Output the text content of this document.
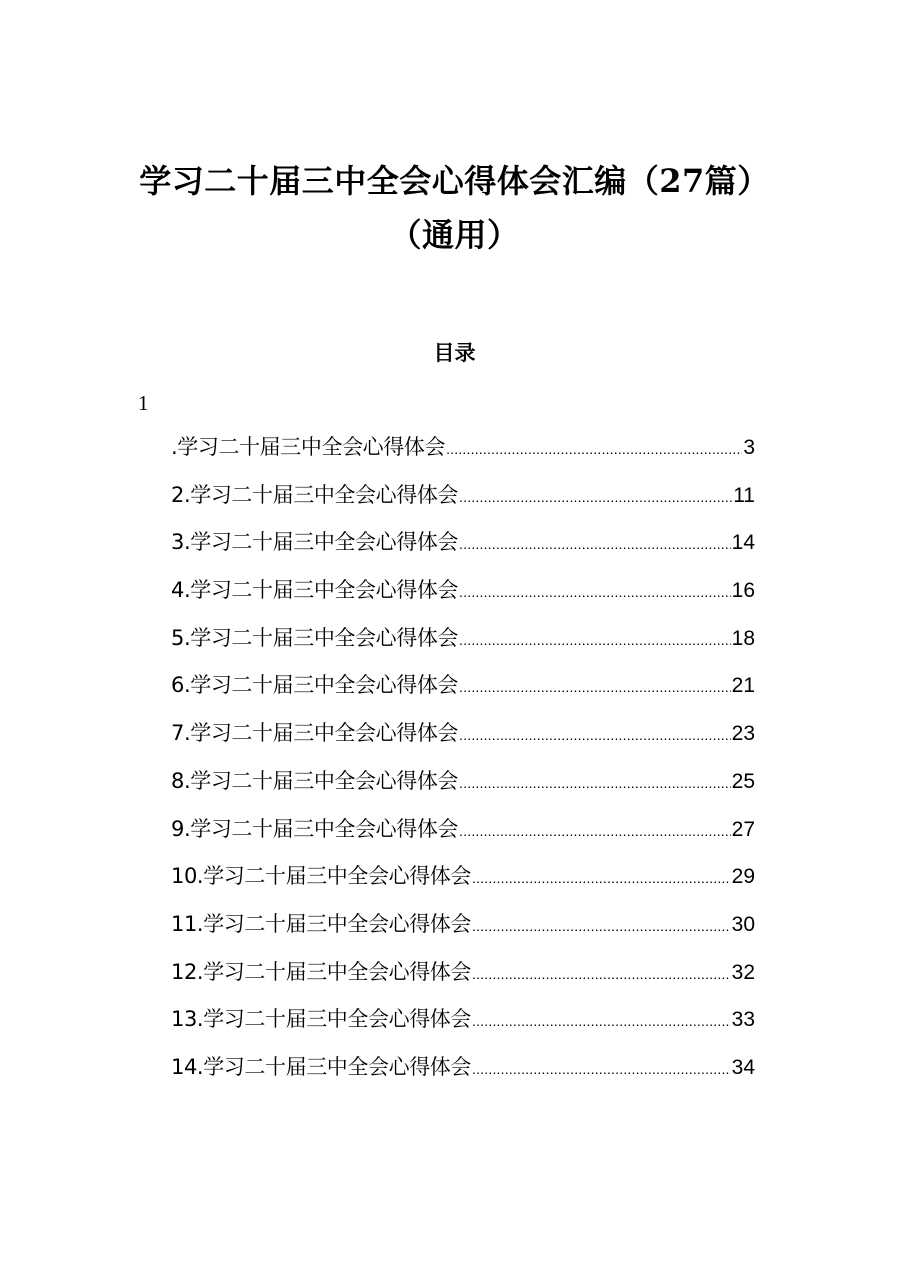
学习二十届三中全会心得体会汇编（27篇）
（通用）
目录
1
.学习二十届三中全会心得体会 .....	3
2.学习二十届三中全会心得体会 .....	11
3.学习二十届三中全会心得体会 .....	14
4.学习二十届三中全会心得体会 .....	16
5.学习二十届三中全会心得体会 .....	18
6.学习二十届三中全会心得体会 .....	21
7.学习二十届三中全会心得体会 .....	23
8.学习二十届三中全会心得体会 .....	25
9.学习二十届三中全会心得体会 .....	27
10.学习二十届三中全会心得体会 .....	29
11.学习二十届三中全会心得体会 .....	30
12.学习二十届三中全会心得体会 .....	32
13.学习二十届三中全会心得体会 .....	33
14.学习二十届三中全会心得体会 .....	34
